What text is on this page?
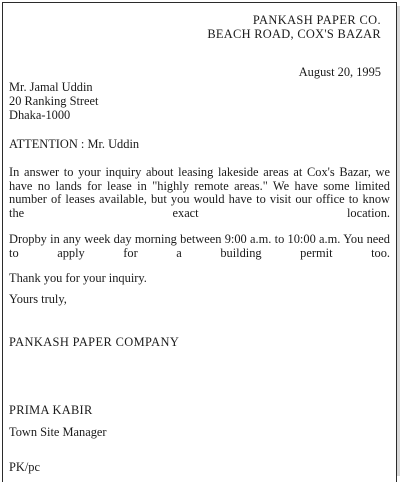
PANKASH PAPER CO.
BEACH ROAD, COX'S BAZAR
August 20, 1995
Mr. Jamal Uddin
20 Ranking Street
Dhaka-1000
ATTENTION : Mr. Uddin

In answer to your inquiry about leasing lakeside areas at Cox's Bazar, we have no lands for lease in "highly remote areas." We have some limited number of leases available, but you would have to visit our office to know the exact location.

Dropby in any week day morning between 9:00 a.m. to 10:00 a.m. You need to apply for a building permit too.

Thank you for your inquiry.
Yours truly,
PANKASH PAPER COMPANY
PRIMA KABIR
Town Site Manager
PK/pc
